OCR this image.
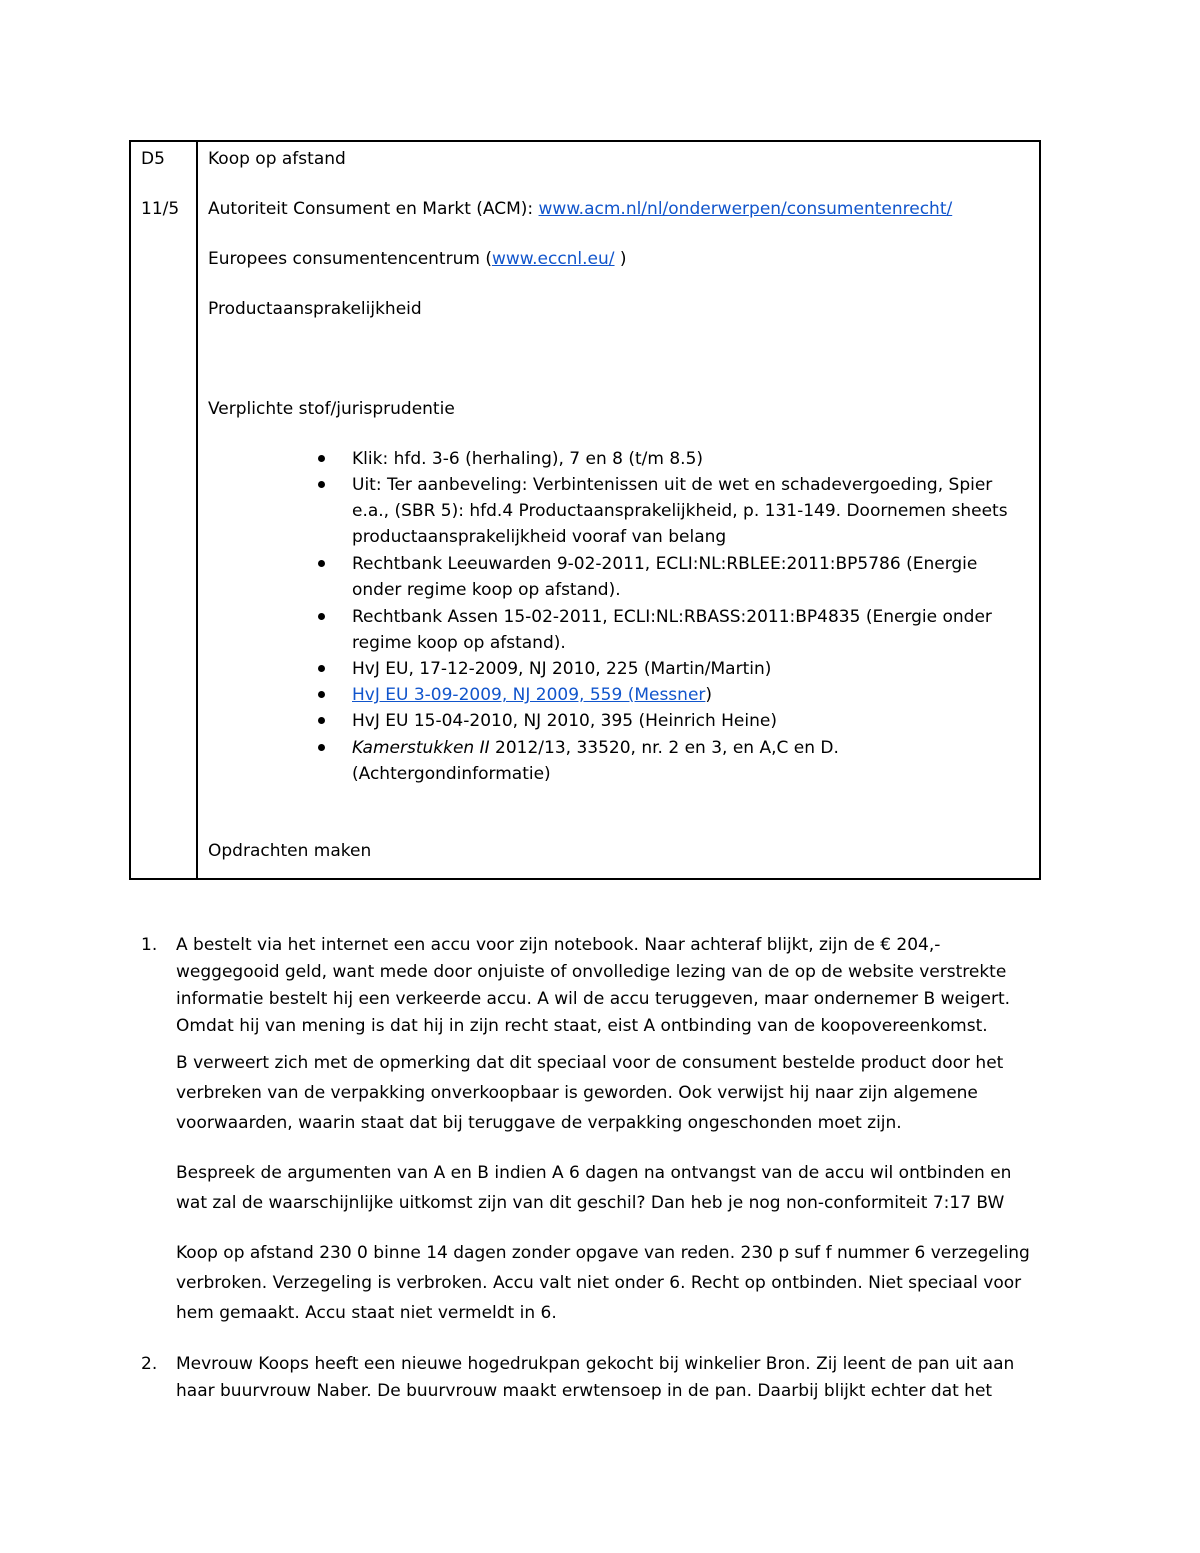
D5
11/5
Koop op afstand
Autoriteit Consument en Markt (ACM): www.acm.nl/nl/onderwerpen/consumentenrecht/
Europees consumentencentrum (www.eccnl.eu/ )
Productaansprakelijkheid
Verplichte stof/jurisprudentie
Klik: hfd. 3-6 (herhaling), 7 en 8 (t/m 8.5)
Uit: Ter aanbeveling: Verbintenissen uit de wet en schadevergoeding, Spier
e.a., (SBR 5): hfd.4 Productaansprakelijkheid, p. 131-149. Doornemen sheets
productaansprakelijkheid vooraf van belang
Rechtbank Leeuwarden 9-02-2011, ECLI:NL:RBLEE:2011:BP5786 (Energie
onder regime koop op afstand).
Rechtbank Assen 15-02-2011, ECLI:NL:RBASS:2011:BP4835 (Energie onder
regime koop op afstand).
HvJ EU, 17-12-2009, NJ 2010, 225 (Martin/Martin)
HvJ EU 3-09-2009, NJ 2009, 559 (Messner)
HvJ EU 15-04-2010, NJ 2010, 395 (Heinrich Heine)
Kamerstukken II 2012/13, 33520, nr. 2 en 3, en A,C en D.
(Achtergondinformatie)
Opdrachten maken
1. A bestelt via het internet een accu voor zijn notebook. Naar achteraf blijkt, zijn de € 204,-
weggegooid geld, want mede door onjuiste of onvolledige lezing van de op de website verstrekte
informatie bestelt hij een verkeerde accu. A wil de accu teruggeven, maar ondernemer B weigert.
Omdat hij van mening is dat hij in zijn recht staat, eist A ontbinding van de koopovereenkomst.
B verweert zich met de opmerking dat dit speciaal voor de consument bestelde product door het
verbreken van de verpakking onverkoopbaar is geworden. Ook verwijst hij naar zijn algemene
voorwaarden, waarin staat dat bij teruggave de verpakking ongeschonden moet zijn.
Bespreek de argumenten van A en B indien A 6 dagen na ontvangst van de accu wil ontbinden en
wat zal de waarschijnlijke uitkomst zijn van dit geschil? Dan heb je nog non-conformiteit 7:17 BW
Koop op afstand 230 0 binne 14 dagen zonder opgave van reden. 230 p suf f nummer 6 verzegeling
verbroken. Verzegeling is verbroken. Accu valt niet onder 6. Recht op ontbinden. Niet speciaal voor
hem gemaakt. Accu staat niet vermeldt in 6.
2. Mevrouw Koops heeft een nieuwe hogedrukpan gekocht bij winkelier Bron. Zij leent de pan uit aan
haar buurvrouw Naber. De buurvrouw maakt erwtensoep in de pan. Daarbij blijkt echter dat het
